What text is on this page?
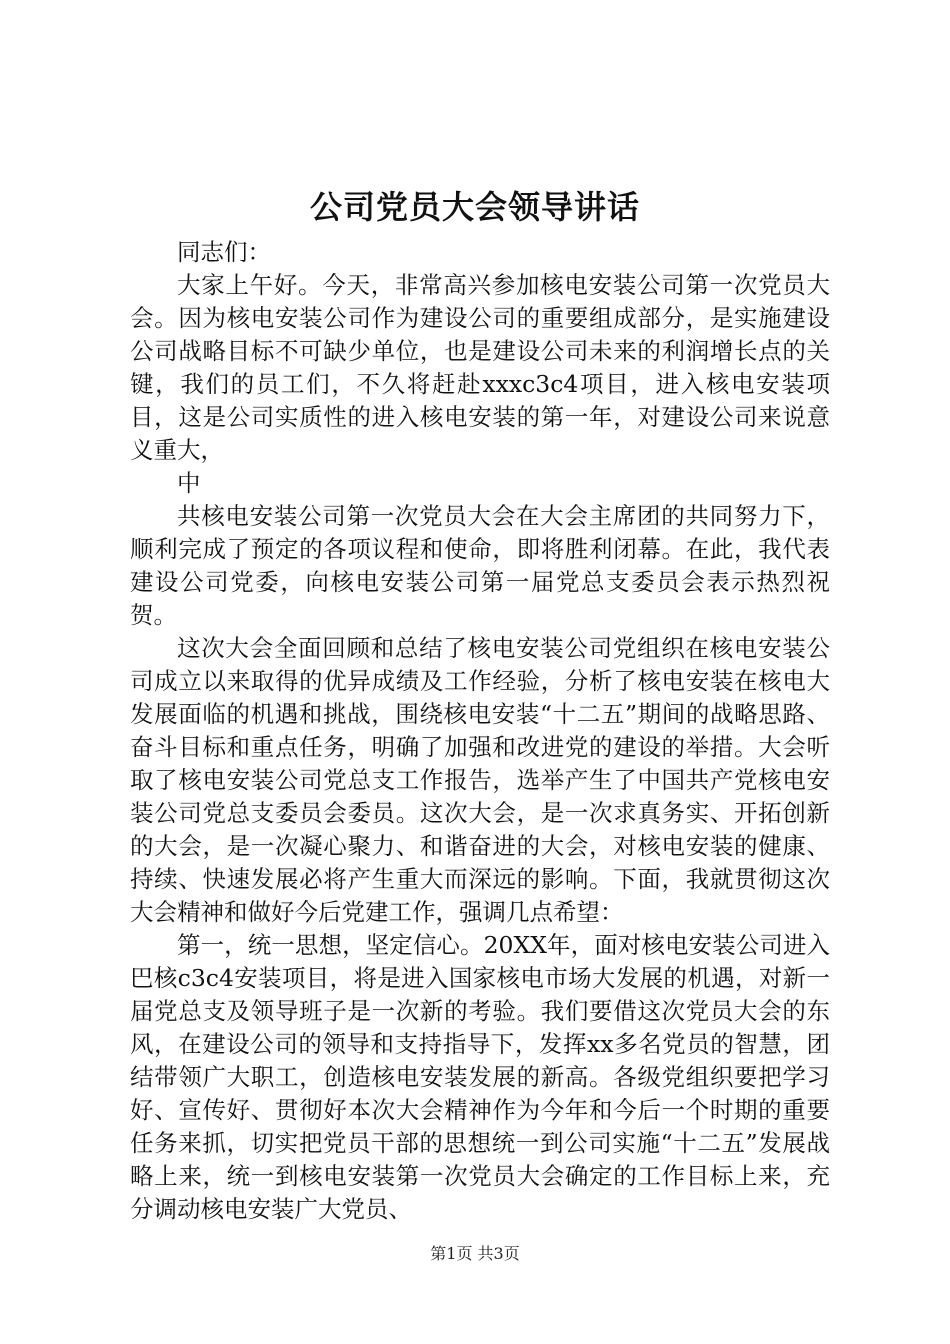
公司党员大会领导讲话

同志们：

大家上午好。今天，非常高兴参加核电安装公司第一次党员大会。因为核电安装公司作为建设公司的重要组成部分，是实施建设公司战略目标不可缺少单位，也是建设公司未来的利润增长点的关键，我们的员工们，不久将赶赴xxxc3c4项目，进入核电安装项目，这是公司实质性的进入核电安装的第一年，对建设公司来说意义重大，

中

共核电安装公司第一次党员大会在大会主席团的共同努力下，顺利完成了预定的各项议程和使命，即将胜利闭幕。在此，我代表建设公司党委，向核电安装公司第一届党总支委员会表示热烈祝贺。

这次大会全面回顾和总结了核电安装公司党组织在核电安装公司成立以来取得的优异成绩及工作经验，分析了核电安装在核电大发展面临的机遇和挑战，围绕核电安装“十二五”期间的战略思路、奋斗目标和重点任务，明确了加强和改进党的建设的举措。大会听取了核电安装公司党总支工作报告，选举产生了中国共产党核电安装公司党总支委员会委员。这次大会，是一次求真务实、开拓创新的大会，是一次凝心聚力、和谐奋进的大会，对核电安装的健康、持续、快速发展必将产生重大而深远的影响。下面，我就贯彻这次大会精神和做好今后党建工作，强调几点希望：

第一，统一思想，坚定信心。20XX年，面对核电安装公司进入巴核c3c4安装项目，将是进入国家核电市场大发展的机遇，对新一届党总支及领导班子是一次新的考验。我们要借这次党员大会的东风，在建设公司的领导和支持指导下，发挥xx多名党员的智慧，团结带领广大职工，创造核电安装发展的新高。各级党组织要把学习好、宣传好、贯彻好本次大会精神作为今年和今后一个时期的重要任务来抓，切实把党员干部的思想统一到公司实施“十二五”发展战略上来，统一到核电安装第一次党员大会确定的工作目标上来，充分调动核电安装广大党员、

第1页 共3页
